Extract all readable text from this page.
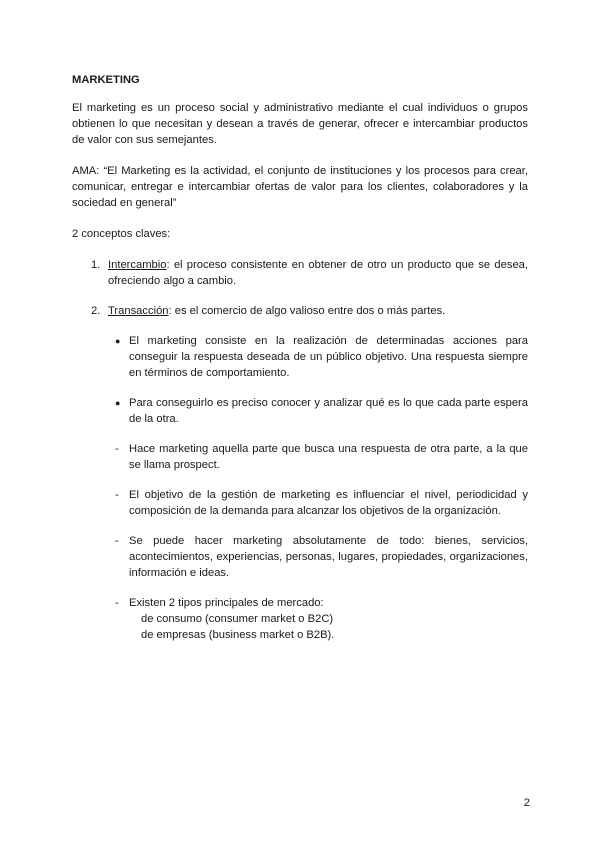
MARKETING

El marketing es un proceso social y administrativo mediante el cual individuos o grupos obtienen lo que necesitan y desean a través de generar, ofrecer e intercambiar productos de valor con sus semejantes.

AMA: “El Marketing es la actividad, el conjunto de instituciones y los procesos para crear, comunicar, entregar e intercambiar ofertas de valor para los clientes, colaboradores y la sociedad en general”

2 conceptos claves:

1. Intercambio: el proceso consistente en obtener de otro un producto que se desea, ofreciendo algo a cambio.
2. Transacción: es el comercio de algo valioso entre dos o más partes.
● El marketing consiste en la realización de determinadas acciones para conseguir la respuesta deseada de un público objetivo. Una respuesta siempre en términos de comportamiento.
● Para conseguirlo es preciso conocer y analizar qué es lo que cada parte espera de la otra.
- Hace marketing aquella parte que busca una respuesta de otra parte, a la que se llama prospect.
- El objetivo de la gestión de marketing es influenciar el nivel, periodicidad y composición de la demanda para alcanzar los objetivos de la organización.
- Se puede hacer marketing absolutamente de todo: bienes, servicios, acontecimientos, experiencias, personas, lugares, propiedades, organizaciones, información e ideas.
- Existen 2 tipos principales de mercado:
de consumo (consumer market o B2C)
de empresas (business market o B2B).
2
